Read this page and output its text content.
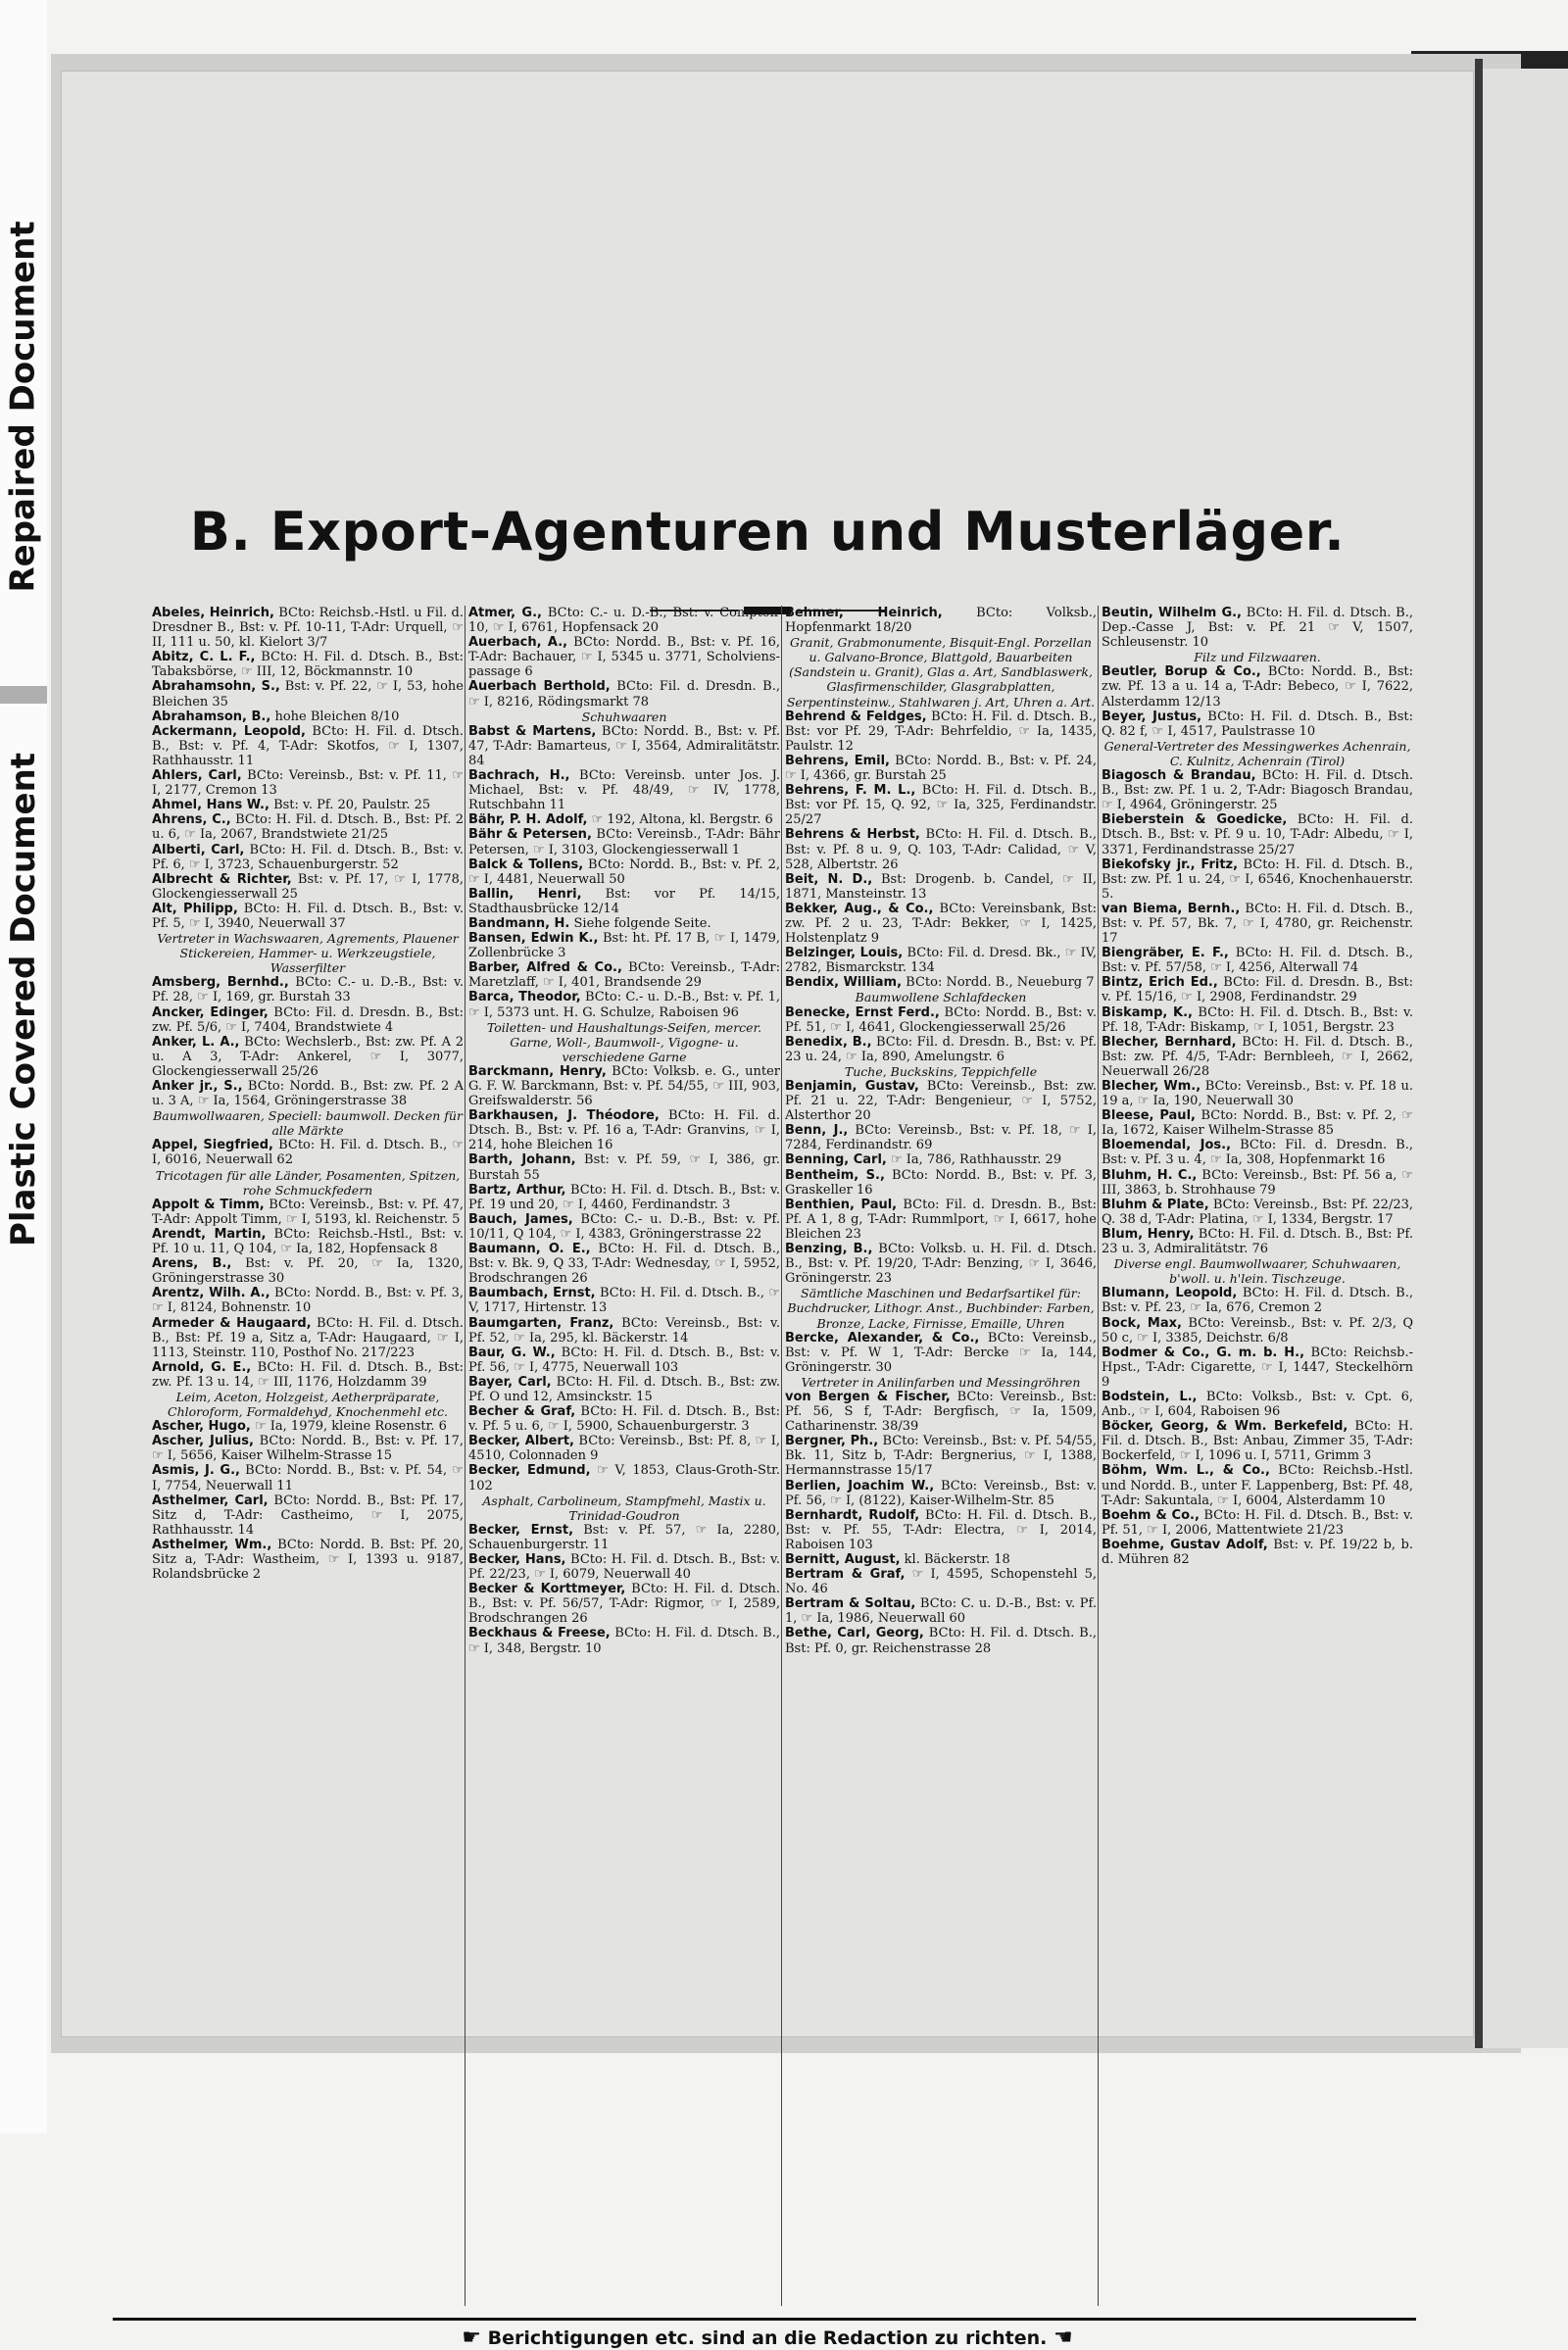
Repaired Document
Plastic Covered Document
B. Export-Agenturen und Musterläger.

Abeles, Heinrich, BCto: Reichsb.-Hstl. u Fil. d. Dresdner B., Bst: v. Pf. 10-11, T-Adr: Urquell, ☞ II, 111 u. 50, kl. Kielort 3/7

Abitz, C. L. F., BCto: H. Fil. d. Dtsch. B., Bst: Tabaksbörse, ☞ III, 12, Böckmannstr. 10

Abrahamsohn, S., Bst: v. Pf. 22, ☞ I, 53, hohe Bleichen 35

Abrahamson, B., hohe Bleichen 8/10

Ackermann, Leopold, BCto: H. Fil. d. Dtsch. B., Bst: v. Pf. 4, T-Adr: Skotfos, ☞ I, 1307, Rathhausstr. 11

Ahlers, Carl, BCto: Vereinsb., Bst: v. Pf. 11, ☞ I, 2177, Cremon 13

Ahmel, Hans W., Bst: v. Pf. 20, Paulstr. 25

Ahrens, C., BCto: H. Fil. d. Dtsch. B., Bst: Pf. 2 u. 6, ☞ Ia, 2067, Brandstwiete 21/25

Alberti, Carl, BCto: H. Fil. d. Dtsch. B., Bst: v. Pf. 6, ☞ I, 3723, Schauenburgerstr. 52

Albrecht & Richter, Bst: v. Pf. 17, ☞ I, 1778, Glockengiesserwall 25

Alt, Philipp, BCto: H. Fil. d. Dtsch. B., Bst: v. Pf. 5, ☞ I, 3940, Neuerwall 37
Vertreter in Wachswaaren, Agrements, Plauener Stickereien, Hammer- u. Werkzeugstiele, Wasserfilter

Amsberg, Bernhd., BCto: C.- u. D.-B., Bst: v. Pf. 28, ☞ I, 169, gr. Burstah 33

Ancker, Edinger, BCto: Fil. d. Dresdn. B., Bst: zw. Pf. 5/6, ☞ I, 7404, Brandstwiete 4

Anker, L. A., BCto: Wechslerb., Bst: zw. Pf. A 2 u. A 3, T-Adr: Ankerel, ☞ I, 3077, Glockengiesserwall 25/26

Anker jr., S., BCto: Nordd. B., Bst: zw. Pf. 2 A u. 3 A, ☞ Ia, 1564, Gröningerstrasse 38
Baumwollwaaren, Speciell: baumwoll. Decken für alle Märkte

Appel, Siegfried, BCto: H. Fil. d. Dtsch. B., ☞ I, 6016, Neuerwall 62
Tricotagen für alle Länder, Posamenten, Spitzen, rohe Schmuckfedern

Appolt & Timm, BCto: Vereinsb., Bst: v. Pf. 47, T-Adr: Appolt Timm, ☞ I, 5193, kl. Reichenstr. 5

Arendt, Martin, BCto: Reichsb.-Hstl., Bst: v. Pf. 10 u. 11, Q 104, ☞ Ia, 182, Hopfensack 8

Arens, B., Bst: v. Pf. 20, ☞ Ia, 1320, Gröningerstrasse 30

Arentz, Wilh. A., BCto: Nordd. B., Bst: v. Pf. 3, ☞ I, 8124, Bohnenstr. 10

Armeder & Haugaard, BCto: H. Fil. d. Dtsch. B., Bst: Pf. 19 a, Sitz a, T-Adr: Haugaard, ☞ I, 1113, Steinstr. 110, Posthof No. 217/223

Arnold, G. E., BCto: H. Fil. d. Dtsch. B., Bst: zw. Pf. 13 u. 14, ☞ III, 1176, Holzdamm 39
Leim, Aceton, Holzgeist, Aetherpräparate, Chloroform, Formaldehyd, Knochenmehl etc.

Ascher, Hugo, ☞ Ia, 1979, kleine Rosenstr. 6

Ascher, Julius, BCto: Nordd. B., Bst: v. Pf. 17, ☞ I, 5656, Kaiser Wilhelm-Strasse 15

Asmis, J. G., BCto: Nordd. B., Bst: v. Pf. 54, ☞ I, 7754, Neuerwall 11

Asthelmer, Carl, BCto: Nordd. B., Bst: Pf. 17, Sitz d, T-Adr: Castheimo, ☞ I, 2075, Rathhausstr. 14

Asthelmer, Wm., BCto: Nordd. B. Bst: Pf. 20, Sitz a, T-Adr: Wastheim, ☞ I, 1393 u. 9187, Rolandsbrücke 2

Atmer, G., BCto: C.- u. D.-B., Bst: v. Comptoir 10, ☞ I, 6761, Hopfensack 20

Auerbach, A., BCto: Nordd. B., Bst: v. Pf. 16, T-Adr: Bachauer, ☞ I, 5345 u. 3771, Scholvienspassage 6

Auerbach Berthold, BCto: Fil. d. Dresdn. B., ☞ I, 8216, Rödingsmarkt 78
Schuhwaaren

Babst & Martens, BCto: Nordd. B., Bst: v. Pf. 47, T-Adr: Bamarteus, ☞ I, 3564, Admiralitätstr. 84

Bachrach, H., BCto: Vereinsb. unter Jos. J. Michael, Bst: v. Pf. 48/49, ☞ IV, 1778, Rutschbahn 11

Bähr, P. H. Adolf, ☞ 192, Altona, kl. Bergstr. 6

Bähr & Petersen, BCto: Vereinsb., T-Adr: Bähr Petersen, ☞ I, 3103, Glockengiesserwall 1

Balck & Tollens, BCto: Nordd. B., Bst: v. Pf. 2, ☞ I, 4481, Neuerwall 50

Ballin, Henri, Bst: vor Pf. 14/15, Stadthausbrücke 12/14

Bandmann, H. Siehe folgende Seite.

Bansen, Edwin K., Bst: ht. Pf. 17 B, ☞ I, 1479, Zollenbrücke 3

Barber, Alfred & Co., BCto: Vereinsb., T-Adr: Maretzlaff, ☞ I, 401, Brandsende 29

Barca, Theodor, BCto: C.- u. D.-B., Bst: v. Pf. 1, ☞ I, 5373 unt. H. G. Schulze, Raboisen 96
Toiletten- und Haushaltungs-Seifen, mercer. Garne, Woll-, Baumwoll-, Vigogne- u. verschiedene Garne

Barckmann, Henry, BCto: Volksb. e. G., unter G. F. W. Barckmann, Bst: v. Pf. 54/55, ☞ III, 903, Greifswalderstr. 56

Barkhausen, J. Théodore, BCto: H. Fil. d. Dtsch. B., Bst: v. Pf. 16 a, T-Adr: Granvins, ☞ I, 214, hohe Bleichen 16

Barth, Johann, Bst: v. Pf. 59, ☞ I, 386, gr. Burstah 55

Bartz, Arthur, BCto: H. Fil. d. Dtsch. B., Bst: v. Pf. 19 und 20, ☞ I, 4460, Ferdinandstr. 3

Bauch, James, BCto: C.- u. D.-B., Bst: v. Pf. 10/11, Q 104, ☞ I, 4383, Gröningerstrasse 22

Baumann, O. E., BCto: H. Fil. d. Dtsch. B., Bst: v. Bk. 9, Q 33, T-Adr: Wednesday, ☞ I, 5952, Brodschrangen 26

Baumbach, Ernst, BCto: H. Fil. d. Dtsch. B., ☞ V, 1717, Hirtenstr. 13

Baumgarten, Franz, BCto: Vereinsb., Bst: v. Pf. 52, ☞ Ia, 295, kl. Bäckerstr. 14

Baur, G. W., BCto: H. Fil. d. Dtsch. B., Bst: v. Pf. 56, ☞ I, 4775, Neuerwall 103

Bayer, Carl, BCto: H. Fil. d. Dtsch. B., Bst: zw. Pf. O und 12, Amsinckstr. 15

Becher & Graf, BCto: H. Fil. d. Dtsch. B., Bst: v. Pf. 5 u. 6, ☞ I, 5900, Schauenburgerstr. 3

Becker, Albert, BCto: Vereinsb., Bst: Pf. 8, ☞ I, 4510, Colonnaden 9

Becker, Edmund, ☞ V, 1853, Claus-Groth-Str. 102
Asphalt, Carbolineum, Stampfmehl, Mastix u. Trinidad-Goudron

Becker, Ernst, Bst: v. Pf. 57, ☞ Ia, 2280, Schauenburgerstr. 11

Becker, Hans, BCto: H. Fil. d. Dtsch. B., Bst: v. Pf. 22/23, ☞ I, 6079, Neuerwall 40

Becker & Korttmeyer, BCto: H. Fil. d. Dtsch. B., Bst: v. Pf. 56/57, T-Adr: Rigmor, ☞ I, 2589, Brodschrangen 26

Beckhaus & Freese, BCto: H. Fil. d. Dtsch. B., ☞ I, 348, Bergstr. 10

Behmer, Heinrich,	BCto: Volksb., Hopfenmarkt 18/20
Granit, Grabmonumente, Bisquit-Engl. Porzellan u. Galvano-Bronce, Blattgold, Bauarbeiten (Sandstein u. Granit), Glas a. Art, Sandblaswerk, Glasfirmenschilder, Glasgrabplatten, Serpentinsteinw., Stahlwaren j. Art, Uhren a. Art.

Behrend & Feldges, BCto: H. Fil. d. Dtsch. B., Bst: vor Pf. 29, T-Adr: Behrfeldio, ☞ Ia, 1435, Paulstr. 12

Behrens, Emil, BCto: Nordd. B., Bst: v. Pf. 24, ☞ I, 4366, gr. Burstah 25

Behrens, F. M. L., BCto: H. Fil. d. Dtsch. B., Bst: vor Pf. 15, Q. 92, ☞ Ia, 325, Ferdinandstr. 25/27

Behrens & Herbst, BCto: H. Fil. d. Dtsch. B., Bst: v. Pf. 8 u. 9, Q. 103, T-Adr: Calidad, ☞ V, 528, Albertstr. 26

Beit, N. D., Bst: Drogenb. b. Candel, ☞ II, 1871, Mansteinstr. 13

Bekker, Aug., & Co., BCto: Vereinsbank, Bst: zw. Pf. 2 u. 23, T-Adr: Bekker, ☞ I, 1425, Holstenplatz 9

Belzinger, Louis, BCto: Fil. d. Dresd. Bk., ☞ IV, 2782, Bismarckstr. 134

Bendix, William, BCto: Nordd. B., Neueburg 7
Baumwollene Schlafdecken

Benecke, Ernst Ferd., BCto: Nordd. B., Bst: v. Pf. 51, ☞ I, 4641, Glockengiesserwall 25/26

Benedix, B., BCto: Fil. d. Dresdn. B., Bst: v. Pf. 23 u. 24, ☞ Ia, 890, Amelungstr. 6
Tuche, Buckskins, Teppichfelle

Benjamin, Gustav, BCto: Vereinsb., Bst: zw. Pf. 21 u. 22, T-Adr: Bengenieur, ☞ I, 5752, Alsterthor 20

Benn, J., BCto: Vereinsb., Bst: v. Pf. 18, ☞ I, 7284, Ferdinandstr. 69

Benning, Carl, ☞ Ia, 786, Rathhausstr. 29

Bentheim, S., BCto: Nordd. B., Bst: v. Pf. 3, Graskeller 16

Benthien, Paul, BCto: Fil. d. Dresdn. B., Bst: Pf. A 1, 8 g, T-Adr: Rummlport, ☞ I, 6617, hohe Bleichen 23

Benzing, B., BCto: Volksb. u. H. Fil. d. Dtsch. B., Bst: v. Pf. 19/20, T-Adr: Benzing, ☞ I, 3646, Gröningerstr. 23
Sämtliche Maschinen und Bedarfsartikel für: Buchdrucker, Lithogr. Anst., Buchbinder: Farben, Bronze, Lacke, Firnisse, Emaille, Uhren

Bercke, Alexander, & Co., BCto: Vereinsb., Bst: v. Pf. W 1, T-Adr: Bercke ☞ Ia, 144, Gröningerstr. 30
Vertreter in Anilinfarben und Messingröhren

von Bergen & Fischer, BCto: Vereinsb., Bst: Pf. 56, S f, T-Adr: Bergfisch, ☞ Ia, 1509, Catharinenstr. 38/39

Bergner, Ph., BCto: Vereinsb., Bst: v. Pf. 54/55, Bk. 11, Sitz b, T-Adr: Bergnerius, ☞ I, 1388, Hermannstrasse 15/17

Berlien, Joachim W., BCto: Vereinsb., Bst: v. Pf. 56, ☞ I, (8122), Kaiser-Wilhelm-Str. 85

Bernhardt, Rudolf, BCto: H. Fil. d. Dtsch. B., Bst: v. Pf. 55, T-Adr: Electra, ☞ I, 2014, Raboisen 103

Bernitt, August, kl. Bäckerstr. 18

Bertram & Graf, ☞ I, 4595, Schopenstehl 5, No. 46

Bertram & Soltau, BCto: C. u. D.-B., Bst: v. Pf. 1, ☞ Ia, 1986, Neuerwall 60

Bethe, Carl, Georg, BCto: H. Fil. d. Dtsch. B., Bst: Pf. 0, gr. Reichenstrasse 28

Beutin, Wilhelm G., BCto: H. Fil. d. Dtsch. B., Dep.-Casse J, Bst: v. Pf. 21 ☞ V, 1507, Schleusenstr. 10
Filz und Filzwaaren.

Beutler, Borup & Co., BCto: Nordd. B., Bst: zw. Pf. 13 a u. 14 a, T-Adr: Bebeco, ☞ I, 7622, Alsterdamm 12/13

Beyer, Justus, BCto: H. Fil. d. Dtsch. B., Bst: Q. 82 f, ☞ I, 4517, Paulstrasse 10
General-Vertreter des Messingwerkes Achenrain, C. Kulnitz, Achenrain (Tirol)

Biagosch & Brandau, BCto: H. Fil. d. Dtsch. B., Bst: zw. Pf. 1 u. 2, T-Adr: Biagosch Brandau, ☞ I, 4964, Gröningerstr. 25

Bieberstein & Goedicke, BCto: H. Fil. d. Dtsch. B., Bst: v. Pf. 9 u. 10, T-Adr: Albedu, ☞ I, 3371, Ferdinandstrasse 25/27

Biekofsky jr., Fritz, BCto: H. Fil. d. Dtsch. B., Bst: zw. Pf. 1 u. 24, ☞ I, 6546, Knochenhauerstr. 5.

van Biema, Bernh., BCto: H. Fil. d. Dtsch. B., Bst: v. Pf. 57, Bk. 7, ☞ I, 4780, gr. Reichenstr. 17

Biengräber, E. F., BCto: H. Fil. d. Dtsch. B., Bst: v. Pf. 57/58, ☞ I, 4256, Alterwall 74

Bintz, Erich Ed., BCto: Fil. d. Dresdn. B., Bst: v. Pf. 15/16, ☞ I, 2908, Ferdinandstr. 29

Biskamp, K., BCto: H. Fil. d. Dtsch. B., Bst: v. Pf. 18, T-Adr: Biskamp, ☞ I, 1051, Bergstr. 23

Blecher, Bernhard, BCto: H. Fil. d. Dtsch. B., Bst: zw. Pf. 4/5, T-Adr: Bernbleeh, ☞ I, 2662, Neuerwall 26/28

Blecher, Wm., BCto: Vereinsb., Bst: v. Pf. 18 u. 19 a, ☞ Ia, 190, Neuerwall 30

Bleese, Paul, BCto: Nordd. B., Bst: v. Pf. 2, ☞ Ia, 1672, Kaiser Wilhelm-Strasse 85

Bloemendal, Jos., BCto: Fil. d. Dresdn. B., Bst: v. Pf. 3 u. 4, ☞ Ia, 308, Hopfenmarkt 16

Bluhm, H. C., BCto: Vereinsb., Bst: Pf. 56 a, ☞ III, 3863, b. Strohhause 79

Bluhm & Plate, BCto: Vereinsb., Bst: Pf. 22/23, Q. 38 d, T-Adr: Platina, ☞ I, 1334, Bergstr. 17

Blum, Henry, BCto: H. Fil. d. Dtsch. B., Bst: Pf. 23 u. 3, Admiralitätstr. 76
Diverse engl. Baumwollwaarer, Schuhwaaren, b'woll. u. h'lein. Tischzeuge.

Blumann, Leopold, BCto: H. Fil. d. Dtsch. B., Bst: v. Pf. 23, ☞ Ia, 676, Cremon 2

Bock, Max, BCto: Vereinsb., Bst: v. Pf. 2/3, Q 50 c, ☞ I, 3385, Deichstr. 6/8

Bodmer & Co., G. m. b. H., BCto: Reichsb.-Hpst., T-Adr: Cigarette, ☞ I, 1447, Steckelhörn 9

Bodstein, L., BCto: Volksb., Bst: v. Cpt. 6, Anb., ☞ I, 604, Raboisen 96

Böcker, Georg, & Wm. Berkefeld, BCto: H. Fil. d. Dtsch. B., Bst: Anbau, Zimmer 35, T-Adr: Bockerfeld, ☞ I, 1096 u. I, 5711, Grimm 3

Böhm, Wm. L., & Co., BCto: Reichsb.-Hstl. und Nordd. B., unter F. Lappenberg, Bst: Pf. 48, T-Adr: Sakuntala, ☞ I, 6004, Alsterdamm 10

Boehm & Co., BCto: H. Fil. d. Dtsch. B., Bst: v. Pf. 51, ☞ I, 2006, Mattentwiete 21/23

Boehme, Gustav Adolf, Bst: v. Pf. 19/22 b, b. d. Mühren 82

☛ Berichtigungen etc. sind an die Redaction zu richten. ☚
